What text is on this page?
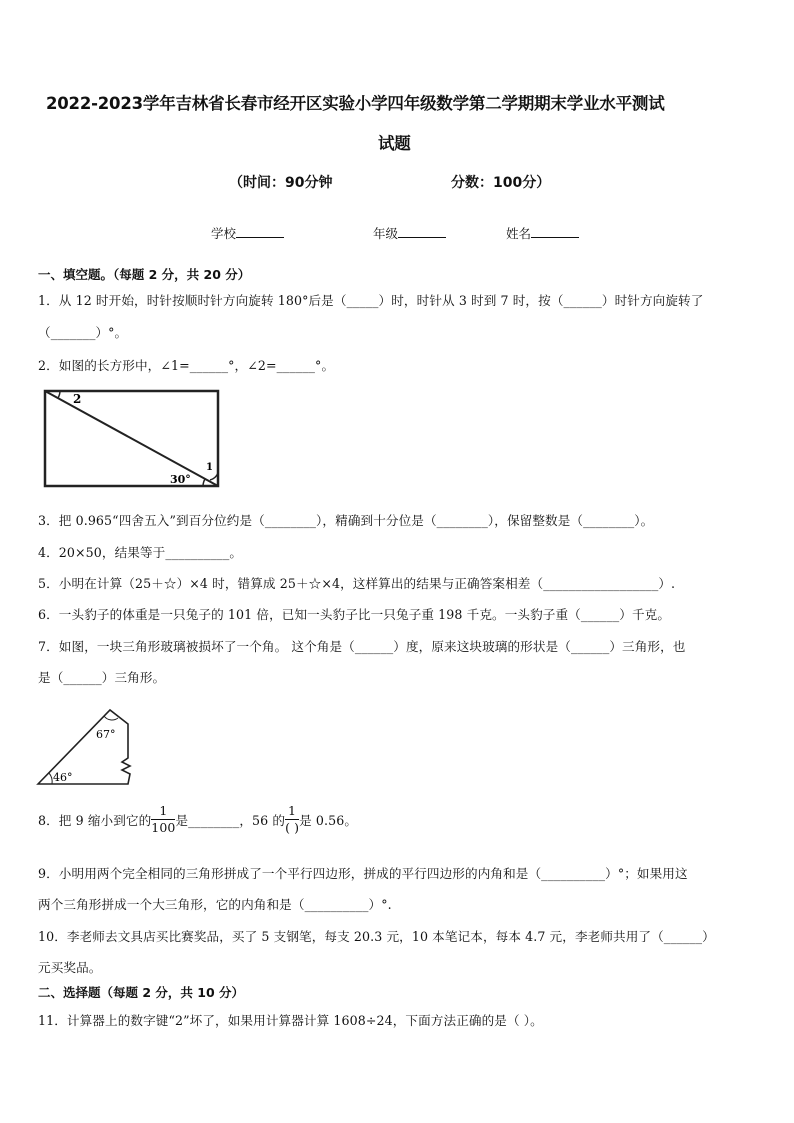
2022-2023学年吉林省长春市经开区实验小学四年级数学第二学期期末学业水平测试
试题
（时间：90分钟	分数：100分）
学校	年级	姓名
一、填空题。（每题 2 分，共 20 分）
1．从 12 时开始，时针按顺时针方向旋转 180°后是（_____）时，时针从 3 时到 7 时，按（______）时针方向旋转了
（_______）°。
2．如图的长方形中，∠1=______°，∠2=______°。
2
1
30°
3．把 0.965“四舍五入”到百分位约是（________），精确到十分位是（________），保留整数是（________）。
4．20×50，结果等于__________。
5．小明在计算（25＋☆）×4 时，错算成 25＋☆×4，这样算出的结果与正确答案相差（__________________）.
6．一头豹子的体重是一只兔子的 101 倍，已知一头豹子比一只兔子重 198 千克。一头豹子重（______）千克。
7．如图，一块三角形玻璃被损坏了一个角。 这个角是（______）度，原来这块玻璃的形状是（______）三角形，也
是（______）三角形。
67°
46°
8．把 9 缩小到它的 $\frac{1}{100}$ 是________，56 的 $\frac{1}{( )}$ 是 0.56。
9．小明用两个完全相同的三角形拼成了一个平行四边形，拼成的平行四边形的内角和是（__________）°；如果用这
两个三角形拼成一个大三角形，它的内角和是（__________）°.
10．李老师去文具店买比赛奖品，买了 5 支钢笔，每支 20.3 元，10 本笔记本，每本 4.7 元，李老师共用了（______）
元买奖品。
二、选择题（每题 2 分，共 10 分）
11．计算器上的数字键“2”坏了，如果用计算器计算 1608÷24，下面方法正确的是（ ）。
